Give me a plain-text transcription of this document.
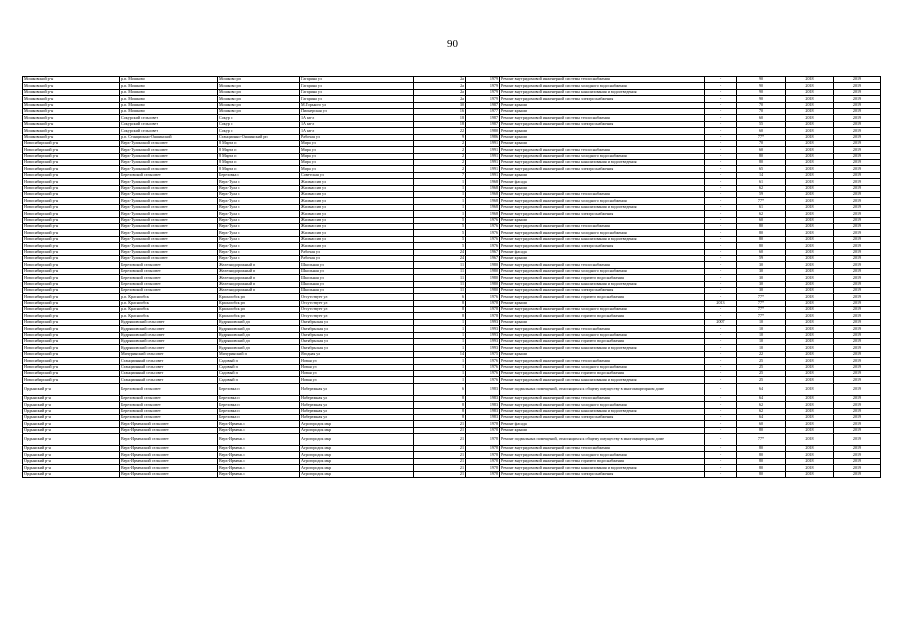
90
Мошковский р-н	р.п. Мошково	Мошково рп	Гагарина ул	2а	1979	Ремонт внутридомовой инженерной системы теплоснабжения	-	90	2018	2019
Мошковский р-н	р.п. Мошково	Мошково рп	Гагарина ул	2а	1979	Ремонт внутридомовой инженерной системы холодного водоснабжения	-	90	2018	2019
Мошковский р-н	р.п. Мошково	Мошково рп	Гагарина ул	2а	1979	Ремонт внутридомовой инженерной системы канализования и водоотведения	-	90	2018	2019
Мошковский р-н	р.п. Мошково	Мошково рп	Гагарина ул	2а	1979	Ремонт внутридомовой инженерной системы электроснабжения	-	90	2018	2019
Мошковский р-н	р.п. Мошково	Мошково рп	М.Горького ул	30	1987	Ремонт крыши	-	70	2018	2019
Мошковский р-н	р.п. Мошково	Мошково рп	Пионерская ул	16	1977	Ремонт крыши	-	70	2018	2019
Мошковский р-н	Сокурский сельсовет	Сокур с	1А кв-л	18	1987	Ремонт внутридомовой инженерной системы теплоснабжения	-	60	2018	2019
Мошковский р-н	Сокурский сельсовет	Сокур с	1А кв-л	18	1987	Ремонт внутридомовой инженерной системы электроснабжения	-	55	2018	2019
Мошковский р-н	Сокурский сельсовет	Сокур с	1А кв-л	22	1980	Ремонт крыши	-	60	2018	2019
Мошковский р-н	р.п. Станционно-Ояшинский	Станционно-Ояшинский рп	Рабочая ул	9	1986	Ремонт крыши	-	77*	2018	2019
Новосибирский р-н	Верх-Тулинский сельсовет	8 Марта п	Мира ул	2	1991	Ремонт крыши	-	70	2018	2019
Новосибирский р-н	Верх-Тулинский сельсовет	8 Марта п	Мира ул	2	1991	Ремонт внутридомовой инженерной системы теплоснабжения	-	60	2018	2019
Новосибирский р-н	Верх-Тулинский сельсовет	8 Марта п	Мира ул	2	1991	Ремонт внутридомовой инженерной системы холодного водоснабжения	-	80	2018	2019
Новосибирский р-н	Верх-Тулинский сельсовет	8 Марта п	Мира ул	2	1991	Ремонт внутридомовой инженерной системы канализования и водоотведения	-	80	2018	2019
Новосибирский р-н	Верх-Тулинский сельсовет	8 Марта п	Мира ул	2	1991	Ремонт внутридомовой инженерной системы электроснабжения	-	65	2018	2019
Новосибирский р-н	Березовский сельсовет	Березовка с	Советская ул	7	1991	Ремонт крыши	-	14	2018	2019
Новосибирский р-н	Верх-Тулинский сельсовет	Верх-Тула с	Жилмассив ул	1	1968	Ремонт фасада	-	61	2018	2019
Новосибирский р-н	Верх-Тулинский сельсовет	Верх-Тула с	Жилмассив ул	1	1968	Ремонт крыши	-	62	2018	2019
Новосибирский р-н	Верх-Тулинский сельсовет	Верх-Тула с	Жилмассив ул	1	1968	Ремонт внутридомовой инженерной системы теплоснабжения	-	59	2018	2019
Новосибирский р-н	Верх-Тулинский сельсовет	Верх-Тула с	Жилмассив ул	1	1968	Ремонт внутридомовой инженерной системы холодного водоснабжения	-	77*	2018	2019
Новосибирский р-н	Верх-Тулинский сельсовет	Верх-Тула с	Жилмассив ул	1	1968	Ремонт внутридомовой инженерной системы канализования и водоотведения	-	61	2018	2019
Новосибирский р-н	Верх-Тулинский сельсовет	Верх-Тула с	Жилмассив ул	1	1968	Ремонт внутридомовой инженерной системы электроснабжения	-	62	2018	2019
Новосибирский р-н	Верх-Тулинский сельсовет	Верх-Тула с	Жилмассив ул	5	1976	Ремонт крыши	-	60	2018	2019
Новосибирский р-н	Верх-Тулинский сельсовет	Верх-Тула с	Жилмассив ул	5	1976	Ремонт внутридомовой инженерной системы теплоснабжения	-	80	2018	2019
Новосибирский р-н	Верх-Тулинский сельсовет	Верх-Тула с	Жилмассив ул	5	1976	Ремонт внутридомовой инженерной системы холодного водоснабжения	-	80	2018	2019
Новосибирский р-н	Верх-Тулинский сельсовет	Верх-Тула с	Жилмассив ул	5	1976	Ремонт внутридомовой инженерной системы канализования и водоотведения	-	80	2018	2019
Новосибирский р-н	Верх-Тулинский сельсовет	Верх-Тула с	Жилмассив ул	5	1976	Ремонт внутридомовой инженерной системы электроснабжения	-	80	2018	2019
Новосибирский р-н	Верх-Тулинский сельсовет	Верх-Тула с	Рабочая ул	24	1967	Ремонт фасада	-	60	2018	2019
Новосибирский р-н	Верх-Тулинский сельсовет	Верх-Тула с	Рабочая ул	24	1967	Ремонт крыши	-	59	2018	2019
Новосибирский р-н	Березовский сельсовет	Железнодорожный п	Школьная ул	11	1980	Ремонт внутридомовой инженерной системы теплоснабжения	-	30	2018	2019
Новосибирский р-н	Березовский сельсовет	Железнодорожный п	Школьная ул	11	1980	Ремонт внутридомовой инженерной системы холодного водоснабжения	-	30	2018	2019
Новосибирский р-н	Березовский сельсовет	Железнодорожный п	Школьная ул	11	1980	Ремонт внутридомовой инженерной системы горячего водоснабжения	-	30	2018	2019
Новосибирский р-н	Березовский сельсовет	Железнодорожный п	Школьная ул	11	1980	Ремонт внутридомовой инженерной системы канализования и водоотведения	-	30	2018	2019
Новосибирский р-н	Березовский сельсовет	Железнодорожный п	Школьная ул	11	1980	Ремонт внутридомовой инженерной системы электроснабжения	-	30	2018	2019
Новосибирский р-н	р.п. Краснообск	Краснообск рп	Отсутствует ул	6	1976	Ремонт внутридомовой инженерной системы горячего водоснабжения	-	77*	2018	2019
Новосибирский р-н	р.п. Краснообск	Краснообск рп	Отсутствует ул	8	1978	Ремонт крыши	2013	77*	2018	2019
Новосибирский р-н	р.п. Краснообск	Краснообск рп	Отсутствует ул	8	1978	Ремонт внутридомовой инженерной системы холодного водоснабжения	-	77*	2018	2019
Новосибирский р-н	р.п. Краснообск	Краснообск рп	Отсутствует ул	8	1978	Ремонт внутридомовой инженерной системы горячего водоснабжения	-	77*	2018	2019
Новосибирский р-н	Кудряшовский сельсовет	Кудряшовский дп	Октябрьская ул	1	1993	Ремонт крыши	2007	10	2018	2019
Новосибирский р-н	Кудряшовский сельсовет	Кудряшовский дп	Октябрьская ул	1	1993	Ремонт внутридомовой инженерной системы теплоснабжения	-	10	2018	2019
Новосибирский р-н	Кудряшовский сельсовет	Кудряшовский дп	Октябрьская ул	1	1993	Ремонт внутридомовой инженерной системы холодного водоснабжения	-	10	2018	2019
Новосибирский р-н	Кудряшовский сельсовет	Кудряшовский дп	Октябрьская ул	1	1993	Ремонт внутридомовой инженерной системы горячего водоснабжения	-	10	2018	2019
Новосибирский р-н	Кудряшовский сельсовет	Кудряшовский дп	Октябрьская ул	1	1993	Ремонт внутридомовой инженерной системы канализования и водоотведения	-	10	2018	2019
Новосибирский р-н	Мичуринский сельсовет	Мичуринский п	Ягодная ул	14	1975	Ремонт крыши	-	22	2018	2019
Новосибирский р-н	Станционный сельсовет	Садовый п	Новая ул	1	1976	Ремонт внутридомовой инженерной системы теплоснабжения	-	25	2018	2019
Новосибирский р-н	Станционный сельсовет	Садовый п	Новая ул	1	1976	Ремонт внутридомовой инженерной системы холодного водоснабжения	-	25	2018	2019
Новосибирский р-н	Станционный сельсовет	Садовый п	Новая ул	1	1976	Ремонт внутридомовой инженерной системы горячего водоснабжения	-	25	2018	2019
Новосибирский р-н	Станционный сельсовет	Садовый п	Новая ул	1	1976	Ремонт внутридомовой инженерной системы канализования и водоотведения	-	25	2018	2019
Ордынский р-н	Березовский сельсовет	Березовка п	Набережная ул	6	1983	Ремонт подвальных помещений, относящихся к общему имуществу в многоквартирном доме	-	64	2018	2019
Ордынский р-н	Березовский сельсовет	Березовка п	Набережная ул	8	1983	Ремонт внутридомовой инженерной системы теплоснабжения	-	64	2018	2019
Ордынский р-н	Березовский сельсовет	Березовка п	Набережная ул	8	1983	Ремонт внутридомовой инженерной системы холодного водоснабжения	-	62	2018	2019
Ордынский р-н	Березовский сельсовет	Березовка п	Набережная ул	8	1983	Ремонт внутридомовой инженерной системы канализования и водоотведения	-	62	2018	2019
Ордынский р-н	Березовский сельсовет	Березовка п	Набережная ул	8	1983	Ремонт внутридомовой инженерной системы электроснабжения	-	64	2018	2019
Ордынский р-н	Верх-Ирменский сельсовет	Верх-Ирмень с	Агрогородок мкр	21	1978	Ремонт фасада	-	60	2018	2019
Ордынский р-н	Верх-Ирменский сельсовет	Верх-Ирмень с	Агрогородок мкр	21	1978	Ремонт крыши	-	80	2018	2019
Ордынский р-н	Верх-Ирменский сельсовет	Верх-Ирмень с	Агрогородок мкр	21	1978	Ремонт подвальных помещений, относящихся к общему имуществу в многоквартирном доме	-	77*	2018	2019
Ордынский р-н	Верх-Ирменский сельсовет	Верх-Ирмень с	Агрогородок мкр	21	1978	Ремонт внутридомовой инженерной системы теплоснабжения	-	80	2018	2019
Ордынский р-н	Верх-Ирменский сельсовет	Верх-Ирмень с	Агрогородок мкр	21	1978	Ремонт внутридомовой инженерной системы холодного водоснабжения	-	80	2018	2019
Ордынский р-н	Верх-Ирменский сельсовет	Верх-Ирмень с	Агрогородок мкр	21	1978	Ремонт внутридомовой инженерной системы горячего водоснабжения	-	80	2018	2019
Ордынский р-н	Верх-Ирменский сельсовет	Верх-Ирмень с	Агрогородок мкр	21	1978	Ремонт внутридомовой инженерной системы канализования и водоотведения	-	80	2018	2019
Ордынский р-н	Верх-Ирменский сельсовет	Верх-Ирмень с	Агрогородок мкр	21	1978	Ремонт внутридомовой инженерной системы электроснабжения	-	80	2018	2019
